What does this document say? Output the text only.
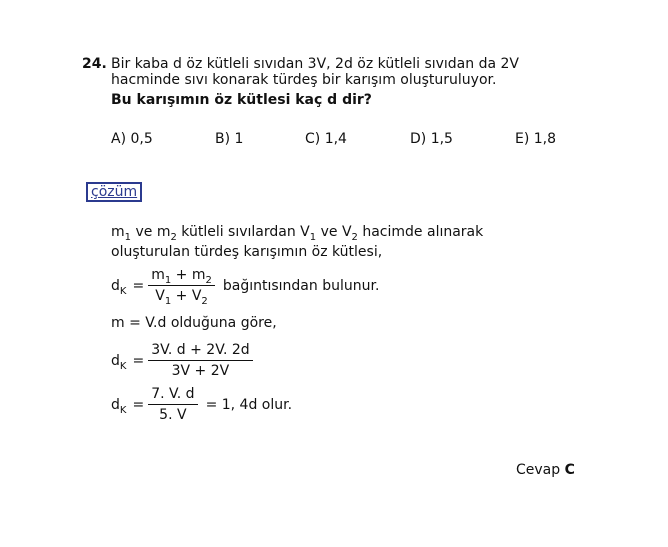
24. Bir kaba d öz kütleli sıvıdan 3V, 2d öz kütleli sıvıdan da 2V
hacminde sıvı konarak türdeş bir karışım oluşturuluyor.
Bu karışımın öz kütlesi kaç d dir?
A) 0,5	B) 1	C) 1,4	D) 1,5	E) 1,8
çözüm
$m_1$ ve $m_2$ kütleli sıvılardan $V_1$ ve $V_2$ hacimde alınarak
oluşturulan türdeş karışımın öz kütlesi,
$d_K = \frac{m_1 + m_2}{V_1 + V_2}$ bağıntısından bulunur.
m = V.d olduğuna göre,
$d_K = \frac{3V. d + 2V. 2d}{3V + 2V}$
$d_K = \frac{7. V. d}{5. V} = 1$, 4d olur.
Cevap C
